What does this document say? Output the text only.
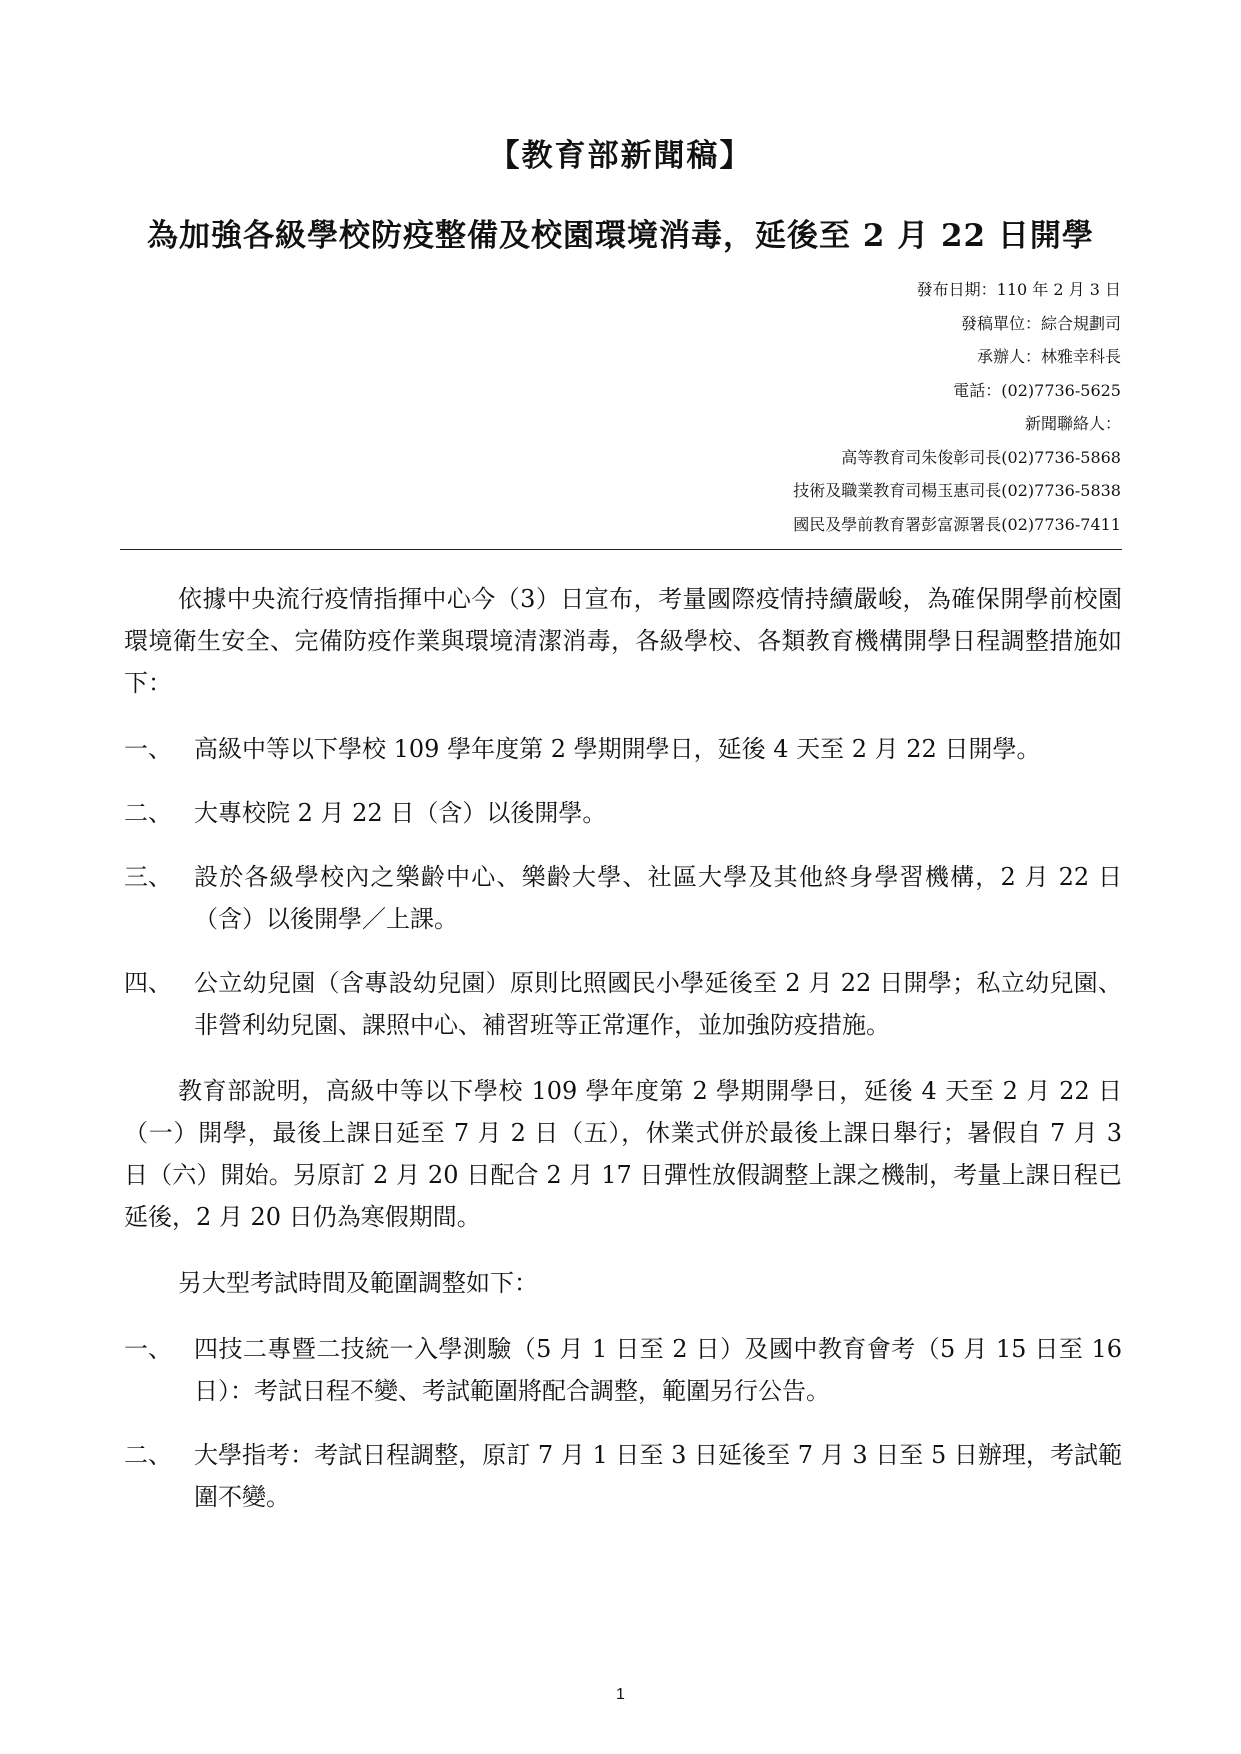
【教育部新聞稿】
為加強各級學校防疫整備及校園環境消毒，延後至 2 月 22 日開學
發布日期：110 年 2 月 3 日
發稿單位：綜合規劃司
承辦人：林雅幸科長
電話：(02)7736-5625
新聞聯絡人：
高等教育司朱俊彰司長(02)7736-5868
技術及職業教育司楊玉惠司長(02)7736-5838
國民及學前教育署彭富源署長(02)7736-7411

依據中央流行疫情指揮中心今（3）日宣布，考量國際疫情持續嚴峻，為確保開學前校園環境衛生安全、完備防疫作業與環境清潔消毒，各級學校、各類教育機構開學日程調整措施如下：

一、 高級中等以下學校 109 學年度第 2 學期開學日，延後 4 天至 2 月 22 日開學。
二、 大專校院 2 月 22 日（含）以後開學。
三、 設於各級學校內之樂齡中心、樂齡大學、社區大學及其他終身學習機構，2 月 22 日（含）以後開學／上課。
四、 公立幼兒園（含專設幼兒園）原則比照國民小學延後至 2 月 22 日開學；私立幼兒園、非營利幼兒園、課照中心、補習班等正常運作，並加強防疫措施。

教育部說明，高級中等以下學校 109 學年度第 2 學期開學日，延後 4 天至 2 月 22 日（一）開學，最後上課日延至 7 月 2 日（五），休業式併於最後上課日舉行；暑假自 7 月 3 日（六）開始。另原訂 2 月 20 日配合 2 月 17 日彈性放假調整上課之機制，考量上課日程已延後，2 月 20 日仍為寒假期間。

另大型考試時間及範圍調整如下：

一、 四技二專暨二技統一入學測驗（5 月 1 日至 2 日）及國中教育會考（5 月 15 日至 16 日）：考試日程不變、考試範圍將配合調整，範圍另行公告。
二、 大學指考：考試日程調整，原訂 7 月 1 日至 3 日延後至 7 月 3 日至 5 日辦理，考試範圍不變。
1
